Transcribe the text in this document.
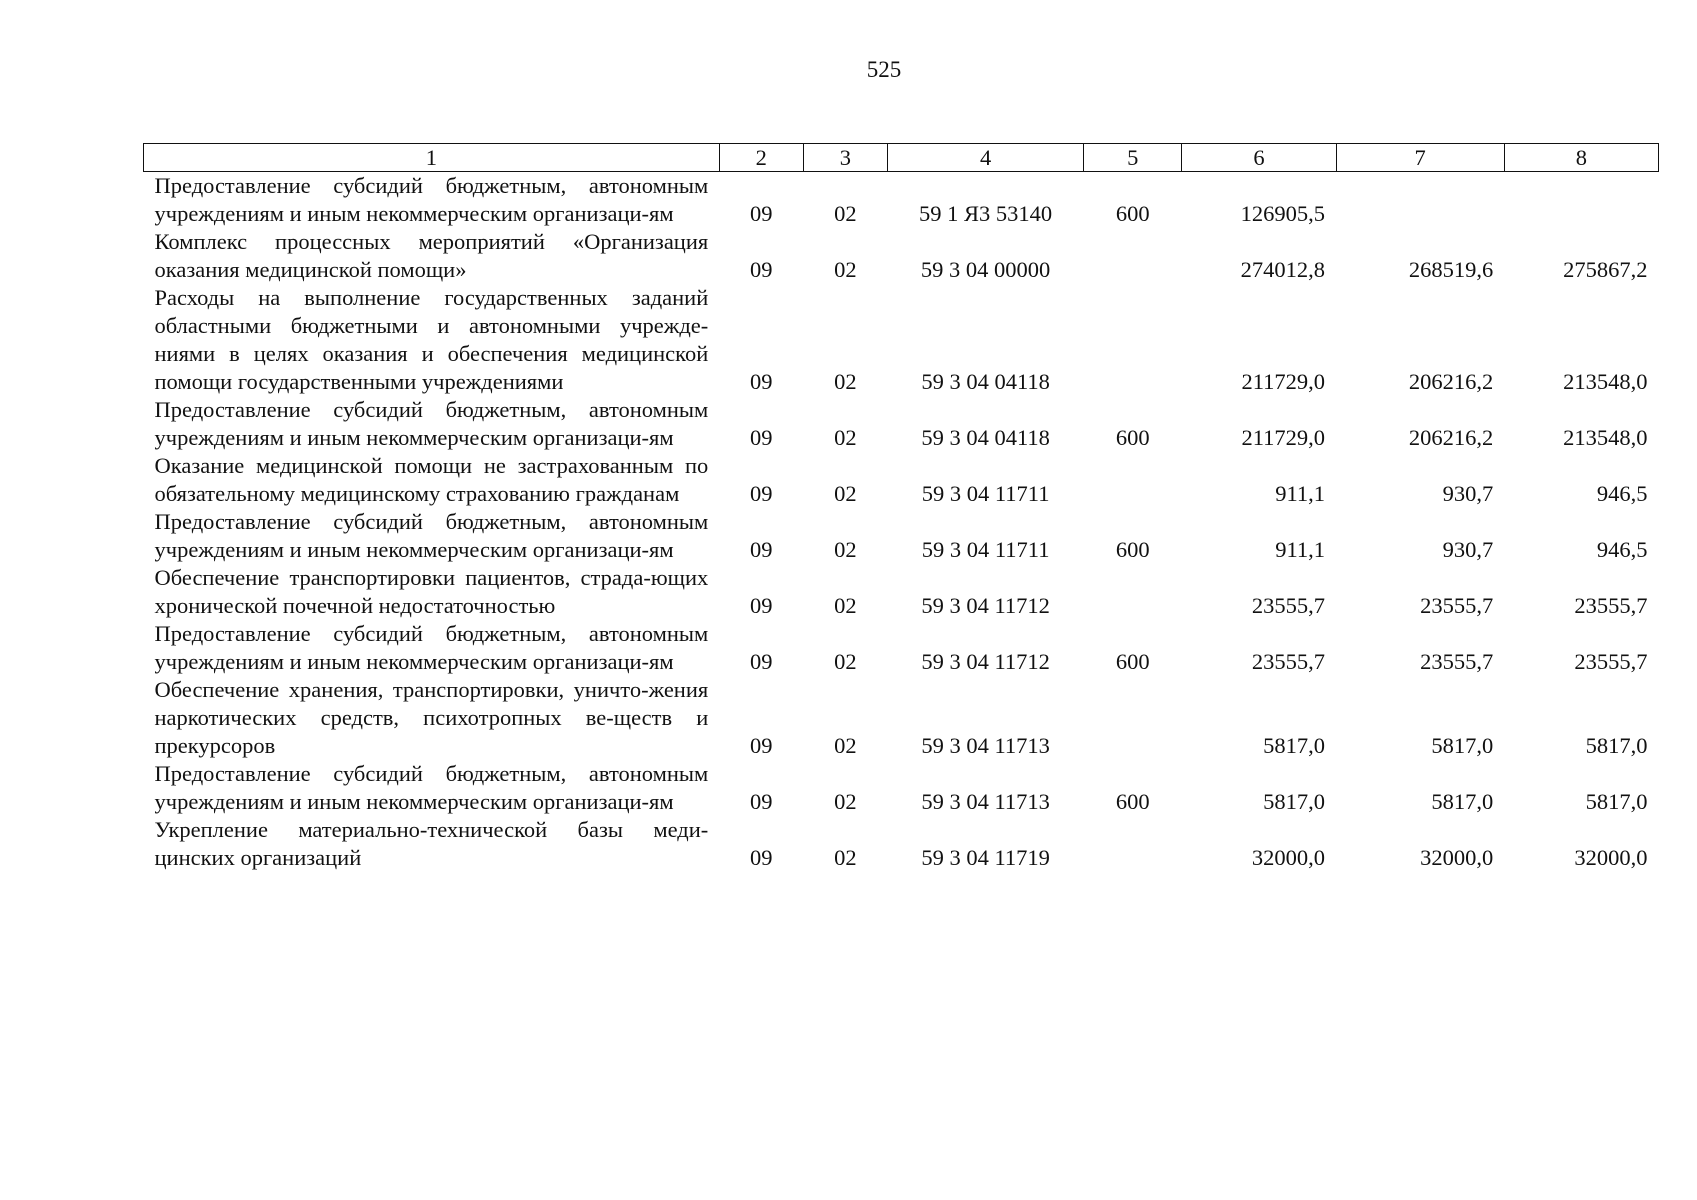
525
1	2	3	4	5	6	7	8
Предоставление субсидий бюджетным, автономным учреждениям и иным некоммерческим организаци-ям	09	02	59 1 Я3 53140	600	126905,5		
Комплекс процессных мероприятий «Организация оказания медицинской помощи»	09	02	59 3 04 00000		274012,8	268519,6	275867,2
Расходы на выполнение государственных заданий областными бюджетными и автономными учрежде-ниями в целях оказания и обеспечения медицинской помощи государственными учреждениями	09	02	59 3 04 04118		211729,0	206216,2	213548,0
Предоставление субсидий бюджетным, автономным учреждениям и иным некоммерческим организаци-ям	09	02	59 3 04 04118	600	211729,0	206216,2	213548,0
Оказание медицинской помощи не застрахованным по обязательному медицинскому страхованию гражданам	09	02	59 3 04 11711		911,1	930,7	946,5
Предоставление субсидий бюджетным, автономным учреждениям и иным некоммерческим организаци-ям	09	02	59 3 04 11711	600	911,1	930,7	946,5
Обеспечение транспортировки пациентов, страда-ющих хронической почечной недостаточностью	09	02	59 3 04 11712		23555,7	23555,7	23555,7
Предоставление субсидий бюджетным, автономным учреждениям и иным некоммерческим организаци-ям	09	02	59 3 04 11712	600	23555,7	23555,7	23555,7
Обеспечение хранения, транспортировки, уничто-жения наркотических средств, психотропных ве-ществ и прекурсоров	09	02	59 3 04 11713		5817,0	5817,0	5817,0
Предоставление субсидий бюджетным, автономным учреждениям и иным некоммерческим организаци-ям	09	02	59 3 04 11713	600	5817,0	5817,0	5817,0
Укрепление материально-технической базы меди-цинских организаций	09	02	59 3 04 11719		32000,0	32000,0	32000,0
